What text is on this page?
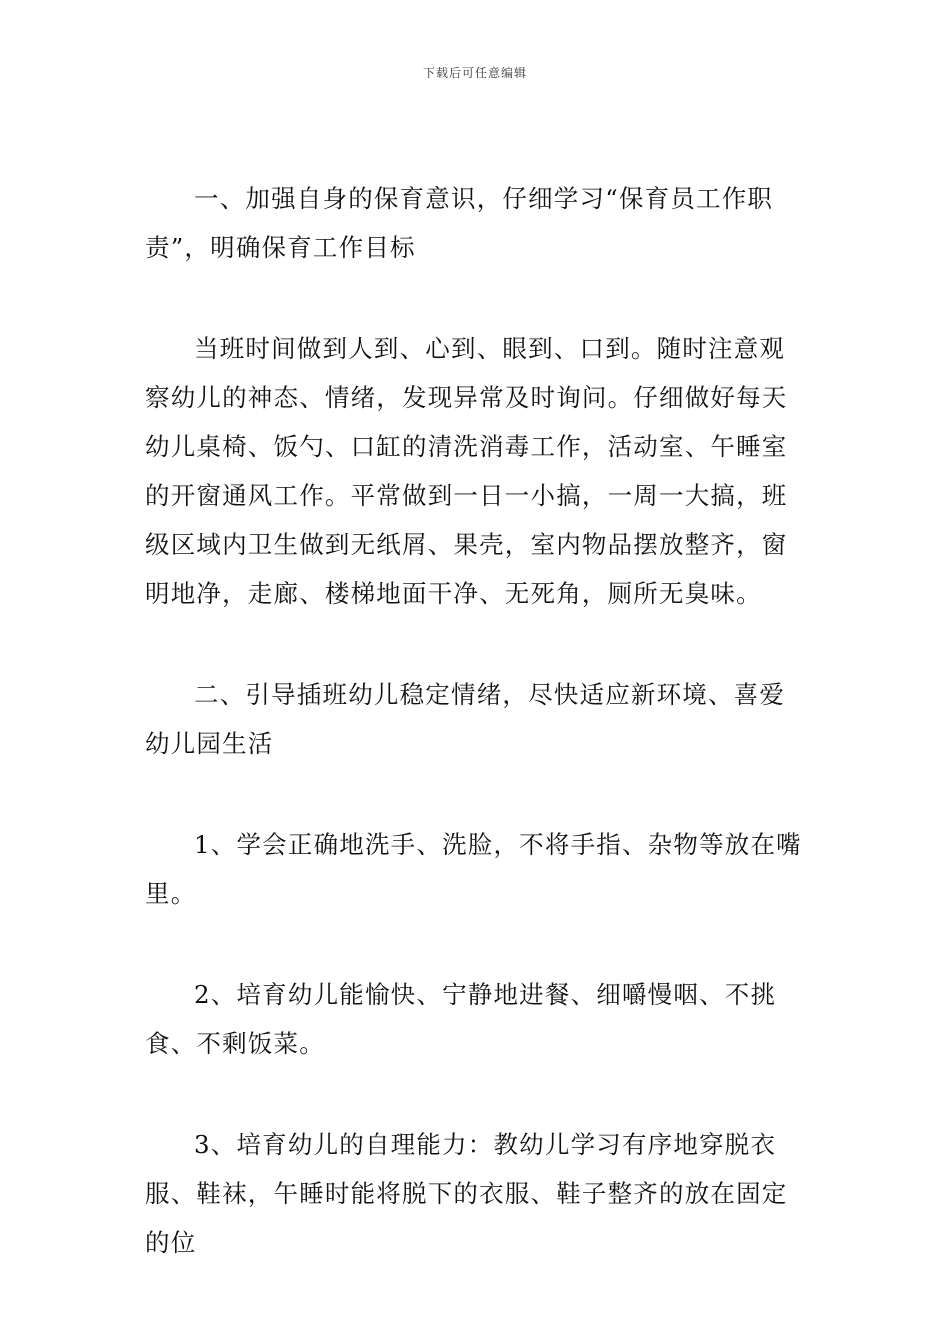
下载后可任意编辑

一、加强自身的保育意识，仔细学习“保育员工作职责”，明确保育工作目标

当班时间做到人到、心到、眼到、口到。随时注意观察幼儿的神态、情绪，发现异常及时询问。仔细做好每天幼儿桌椅、饭勺、口缸的清洗消毒工作，活动室、午睡室的开窗通风工作。平常做到一日一小搞，一周一大搞，班级区域内卫生做到无纸屑、果壳，室内物品摆放整齐，窗明地净，走廊、楼梯地面干净、无死角，厕所无臭味。

二、引导插班幼儿稳定情绪，尽快适应新环境、喜爱幼儿园生活

1、学会正确地洗手、洗脸，不将手指、杂物等放在嘴里。

2、培育幼儿能愉快、宁静地进餐、细嚼慢咽、不挑食、不剩饭菜。

3、培育幼儿的自理能力：教幼儿学习有序地穿脱衣服、鞋袜，午睡时能将脱下的衣服、鞋子整齐的放在固定的位
